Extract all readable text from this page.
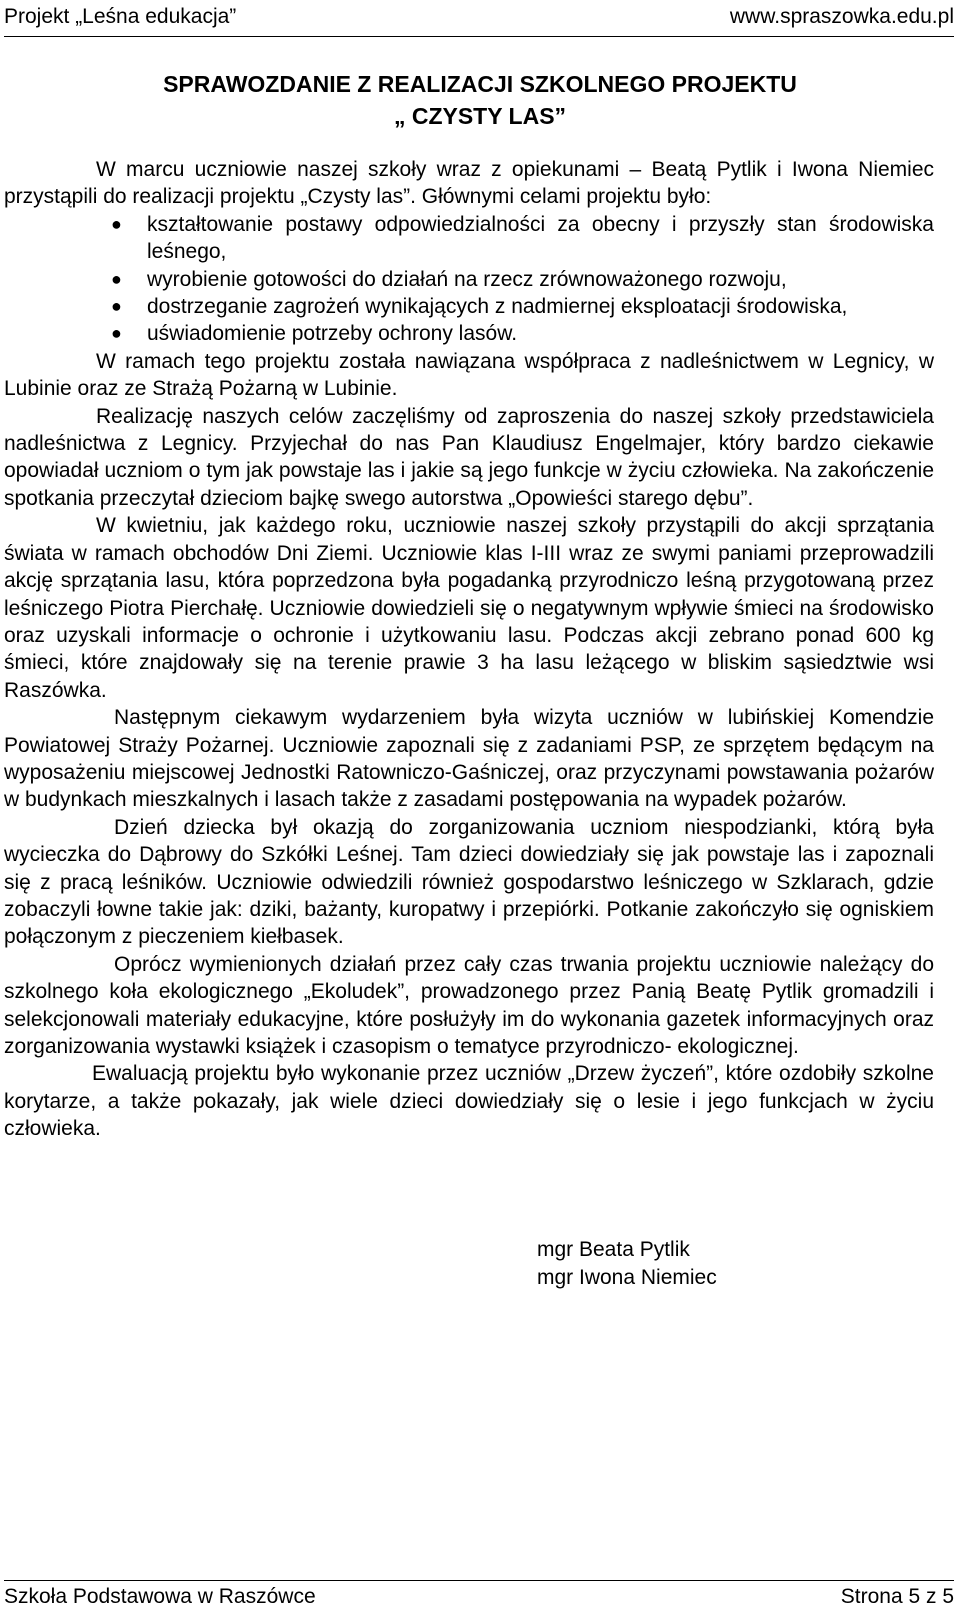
Projekt „Leśna edukacja”	www.spraszowka.edu.pl
SPRAWOZDANIE Z REALIZACJI SZKOLNEGO PROJEKTU
„ CZYSTY LAS”

W marcu uczniowie naszej szkoły wraz z opiekunami – Beatą Pytlik i Iwona Niemiec przystąpili do realizacji projektu „Czysty las”. Głównymi celami projektu było:

● kształtowanie postawy odpowiedzialności za obecny i przyszły stan środowiska leśnego,
● wyrobienie gotowości do działań na rzecz zrównoważonego rozwoju,
● dostrzeganie zagrożeń wynikających z nadmiernej eksploatacji środowiska,
● uświadomienie potrzeby ochrony lasów.

W ramach tego projektu została nawiązana współpraca z nadleśnictwem w Legnicy, w Lubinie oraz ze Strażą Pożarną w Lubinie.

Realizację naszych celów zaczęliśmy od zaproszenia do naszej szkoły przedstawiciela nadleśnictwa z Legnicy. Przyjechał do nas Pan Klaudiusz Engelmajer, który bardzo ciekawie opowiadał uczniom o tym jak powstaje las i jakie są jego funkcje w życiu człowieka. Na zakończenie spotkania przeczytał dzieciom bajkę swego autorstwa „Opowieści starego dębu”.

W kwietniu, jak każdego roku, uczniowie naszej szkoły przystąpili do akcji sprzątania świata w ramach obchodów Dni Ziemi. Uczniowie klas I-III wraz ze swymi paniami przeprowadzili akcję sprzątania lasu, która poprzedzona była pogadanką przyrodniczo leśną przygotowaną przez leśniczego Piotra Pierchałę. Uczniowie dowiedzieli się o negatywnym wpływie śmieci na środowisko oraz uzyskali informacje o ochronie i użytkowaniu lasu. Podczas akcji zebrano ponad 600 kg śmieci, które znajdowały się na terenie prawie 3 ha lasu leżącego w bliskim sąsiedztwie wsi Raszówka.

Następnym ciekawym wydarzeniem była wizyta uczniów w lubińskiej Komendzie Powiatowej Straży Pożarnej. Uczniowie zapoznali się z zadaniami PSP, ze sprzętem będącym na wyposażeniu miejscowej Jednostki Ratowniczo-Gaśniczej, oraz przyczynami powstawania pożarów w budynkach mieszkalnych i lasach także z zasadami postępowania na wypadek pożarów.

Dzień dziecka był okazją do zorganizowania uczniom niespodzianki, którą była wycieczka do Dąbrowy do Szkółki Leśnej. Tam dzieci dowiedziały się jak powstaje las i zapoznali się z pracą leśników. Uczniowie odwiedzili również gospodarstwo leśniczego w Szklarach, gdzie zobaczyli łowne takie jak: dziki, bażanty, kuropatwy i przepiórki. Potkanie zakończyło się ogniskiem połączonym z pieczeniem kiełbasek.

Oprócz wymienionych działań przez cały czas trwania projektu uczniowie należący do szkolnego koła ekologicznego „Ekoludek”, prowadzonego przez Panią Beatę Pytlik gromadzili i selekcjonowali materiały edukacyjne, które posłużyły im do wykonania gazetek informacyjnych oraz zorganizowania wystawki książek i czasopism o tematyce przyrodniczo- ekologicznej.

Ewaluacją projektu było wykonanie przez uczniów „Drzew życzeń”, które ozdobiły szkolne korytarze, a także pokazały, jak wiele dzieci dowiedziały się o lesie i jego funkcjach w życiu człowieka.

mgr Beata Pytlik
mgr Iwona Niemiec
Szkoła Podstawowa w Raszówce	Strona 5 z 5
